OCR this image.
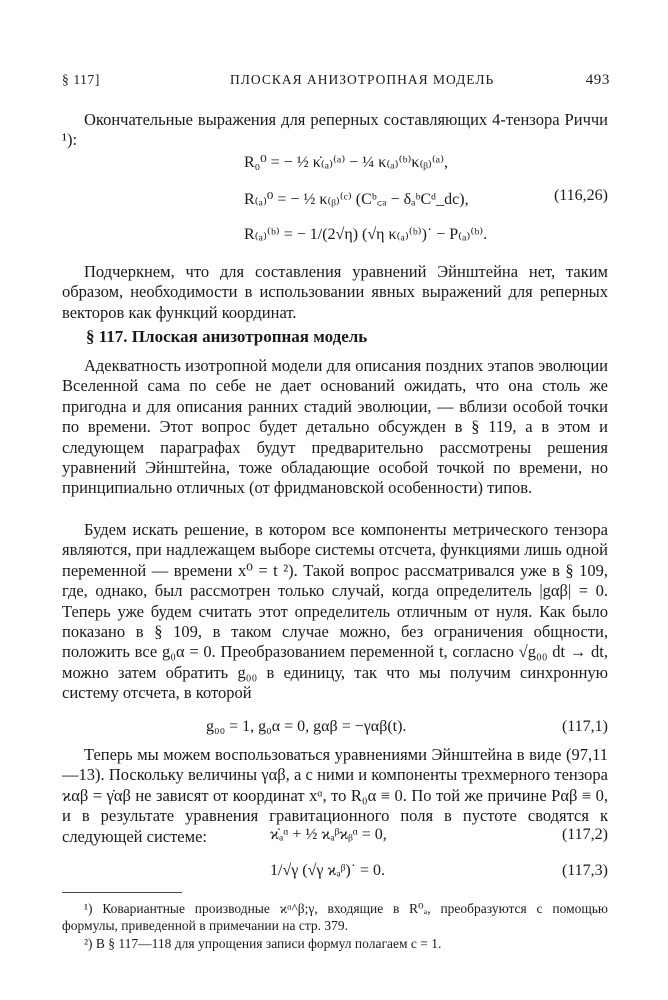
§ 117]	ПЛОСКАЯ АНИЗОТРОПНАЯ МОДЕЛЬ	493
Окончательные выражения для реперных составляющих 4-тензора Риччи ¹):
R₀⁰ = − ½ κ̇₍ₐ₎⁽ᵃ⁾ − ¼ κ₍ₐ₎⁽ᵇ⁾κ₍ᵦ₎⁽ᵃ⁾,
R₍ₐ₎⁰ = − ½ κ₍ᵦ₎⁽ᶜ⁾ (Cᵇ꜀ₐ − δₐᵇCᵈ_dc),	(116,26)
R₍ₐ₎⁽ᵇ⁾ = − 1/(2√η) (√η κ₍ₐ₎⁽ᵇ⁾)˙ − P₍ₐ₎⁽ᵇ⁾.
Подчеркнем, что для составления уравнений Эйнштейна нет, таким образом, необходимости в использовании явных выражений для реперных векторов как функций координат.
§ 117. Плоская анизотропная модель
Адекватность изотропной модели для описания поздних этапов эволюции Вселенной сама по себе не дает оснований ожидать, что она столь же пригодна и для описания ранних стадий эволюции, — вблизи особой точки по времени. Этот вопрос будет детально обсужден в § 119, а в этом и следующем параграфах будут предварительно рассмотрены решения уравнений Эйнштейна, тоже обладающие особой точкой по времени, но принципиально отличных (от фридмановской особенности) типов.
Будем искать решение, в котором все компоненты метрического тензора являются, при надлежащем выборе системы отсчета, функциями лишь одной переменной — времени x⁰ = t ²). Такой вопрос рассматривался уже в § 109, где, однако, был рассмотрен только случай, когда определитель |gαβ| = 0. Теперь уже будем считать этот определитель отличным от нуля. Как было показано в § 109, в таком случае можно, без ограничения общности, положить все g₀α = 0. Преобразованием переменной t, согласно √g₀₀ dt → dt, можно затем обратить g₀₀ в единицу, так что мы получим синхронную систему отсчета, в которой
g₀₀ = 1, g₀α = 0, gαβ = −γαβ(t).	(117,1)
Теперь мы можем воспользоваться уравнениями Эйнштейна в виде (97,11—13). Поскольку величины γαβ, а с ними и компоненты трехмерного тензора ϰαβ = γ̇αβ не зависят от координат xᵅ, то R₀α ≡ 0. По той же причине Pαβ ≡ 0, и в результате уравнения гравитационного поля в пустоте сводятся к следующей системе:	ϰ̇ₐᵅ + ½ ϰₐᵝϰᵦᵅ = 0,	(117,2)
1/√γ (√γ ϰₐᵝ)˙ = 0.	(117,3)
¹) Ковариантные производные ϰᵅ^β;γ, входящие в R⁰ₐ, преобразуются с помощью формулы, приведенной в примечании на стр. 379.
²) В § 117—118 для упрощения записи формул полагаем c = 1.
